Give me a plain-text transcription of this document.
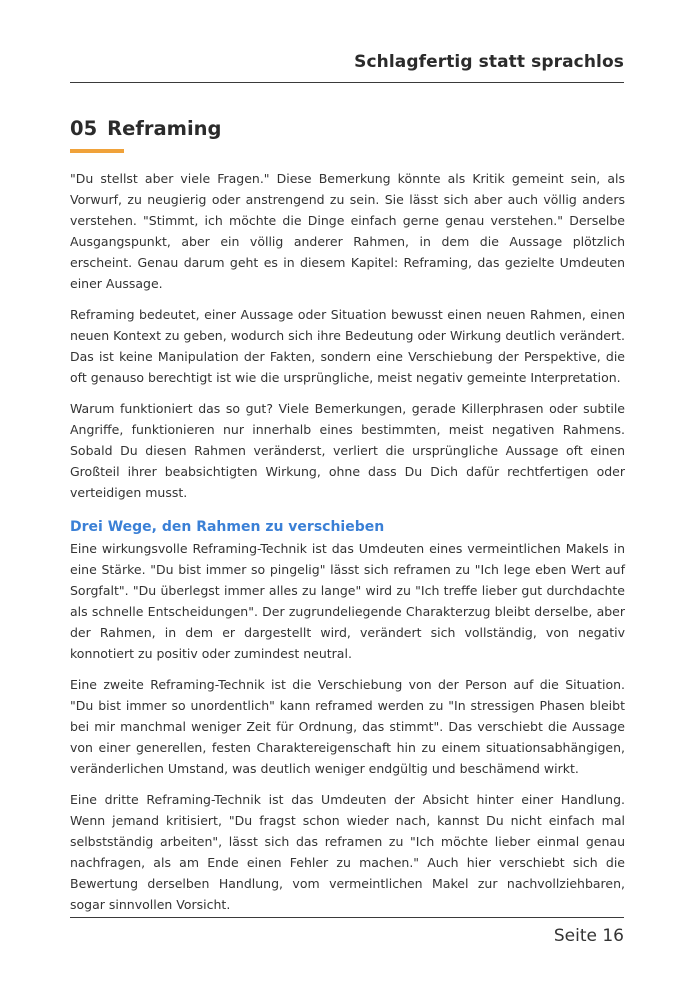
Schlagfertig statt sprachlos
05 Reframing

"Du stellst aber viele Fragen." Diese Bemerkung könnte als Kritik gemeint sein, als Vorwurf, zu neugierig oder anstrengend zu sein. Sie lässt sich aber auch völlig anders verstehen. "Stimmt, ich möchte die Dinge einfach gerne genau verstehen." Derselbe Ausgangspunkt, aber ein völlig anderer Rahmen, in dem die Aussage plötzlich erscheint. Genau darum geht es in diesem Kapitel: Reframing, das gezielte Umdeuten einer Aussage.

Reframing bedeutet, einer Aussage oder Situation bewusst einen neuen Rahmen, einen neuen Kontext zu geben, wodurch sich ihre Bedeutung oder Wirkung deutlich verändert. Das ist keine Manipulation der Fakten, sondern eine Verschiebung der Perspektive, die oft genauso berechtigt ist wie die ursprüngliche, meist negativ gemeinte Interpretation.

Warum funktioniert das so gut? Viele Bemerkungen, gerade Killerphrasen oder subtile Angriffe, funktionieren nur innerhalb eines bestimmten, meist negativen Rahmens. Sobald Du diesen Rahmen veränderst, verliert die ursprüngliche Aussage oft einen Großteil ihrer beabsichtigten Wirkung, ohne dass Du Dich dafür rechtfertigen oder verteidigen musst.

Drei Wege, den Rahmen zu verschieben

Eine wirkungsvolle Reframing-Technik ist das Umdeuten eines vermeintlichen Makels in eine Stärke. "Du bist immer so pingelig" lässt sich reframen zu "Ich lege eben Wert auf Sorgfalt". "Du überlegst immer alles zu lange" wird zu "Ich treffe lieber gut durchdachte als schnelle Entscheidungen". Der zugrundeliegende Charakterzug bleibt derselbe, aber der Rahmen, in dem er dargestellt wird, verändert sich vollständig, von negativ konnotiert zu positiv oder zumindest neutral.

Eine zweite Reframing-Technik ist die Verschiebung von der Person auf die Situation. "Du bist immer so unordentlich" kann reframed werden zu "In stressigen Phasen bleibt bei mir manchmal weniger Zeit für Ordnung, das stimmt". Das verschiebt die Aussage von einer generellen, festen Charaktereigenschaft hin zu einem situationsabhängigen, veränderlichen Umstand, was deutlich weniger endgültig und beschämend wirkt.

Eine dritte Reframing-Technik ist das Umdeuten der Absicht hinter einer Handlung. Wenn jemand kritisiert, "Du fragst schon wieder nach, kannst Du nicht einfach mal selbstständig arbeiten", lässt sich das reframen zu "Ich möchte lieber einmal genau nachfragen, als am Ende einen Fehler zu machen." Auch hier verschiebt sich die Bewertung derselben Handlung, vom vermeintlichen Makel zur nachvollziehbaren, sogar sinnvollen Vorsicht.

Seite 16
